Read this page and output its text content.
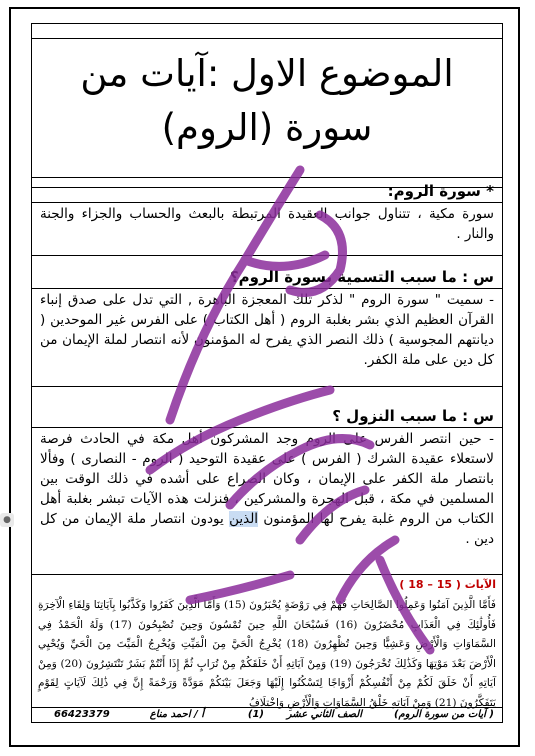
الموضوع الاول :آيات من سورة (الروم)
* سورة الروم:
سورة مكية ، تتناول جوانب العقيدة المرتبطة بالبعث والحساب والجزاء والجنة والنار .
س : ما سبب التسمية بسورة الروم؟
- سميت " سورة الروم " لذكر تلك المعجزة الباهرة , التي تدل على صدق إنباء القرآن العظيم الذي بشر بغلبة الروم ( أهل الكتاب ) على الفرس غير الموحدين ( ديانتهم المجوسية ) ذلك النصر الذي يفرح له المؤمنون لأنه انتصار لملة الإيمان من كل دين على ملة الكفر.
س : ما سبب النزول ؟
- حين انتصر الفرس على الروم وجد المشركون أهل مكة في الحادث فرصة لاستعلاء عقيدة الشرك ( الفرس ) على عقيدة التوحيد ( الروم - النصارى ) وفألا بانتصار ملة الكفر على الإيمان ، وكان الصراع على أشده في ذلك الوقت بين المسلمين في مكة ، قبل الهجرة والمشركين ، فنزلت هذه الآيات تبشر بغلبة أهل الكتاب من الروم غلبة يفرح لها المؤمنون الذين يودون انتصار ملة الإيمان من كل دين .
الآيات ( 15 – 18 )
فَأَمَّا الَّذِينَ آمَنُوا وَعَمِلُوا الصَّالِحَاتِ فَهُمْ فِي رَوْضَةٍ يُحْبَرُونَ (15) وَأَمَّا الَّذِينَ كَفَرُوا وَكَذَّبُوا بِآيَاتِنَا وَلِقَاءِ الْآخِرَةِ فَأُولَٰئِكَ فِي الْعَذَابِ مُحْضَرُونَ (16) فَسُبْحَانَ اللَّهِ حِينَ تُمْسُونَ وَحِينَ تُصْبِحُونَ (17) وَلَهُ الْحَمْدُ فِي السَّمَاوَاتِ وَالْأَرْضِ وَعَشِيًّا وَحِينَ تُظْهِرُونَ (18) يُخْرِجُ الْحَيَّ مِنَ الْمَيِّتِ وَيُخْرِجُ الْمَيِّتَ مِنَ الْحَيِّ وَيُحْيِي الْأَرْضَ بَعْدَ مَوْتِهَا وَكَذَٰلِكَ تُخْرَجُونَ (19) وَمِنْ آيَاتِهِ أَنْ خَلَقَكُمْ مِنْ تُرَابٍ ثُمَّ إِذَا أَنْتُمْ بَشَرٌ تَنْتَشِرُونَ (20) وَمِنْ آيَاتِهِ أَنْ خَلَقَ لَكُمْ مِنْ أَنْفُسِكُمْ أَزْوَاجًا لِتَسْكُنُوا إِلَيْهَا وَجَعَلَ بَيْنَكُمْ مَوَدَّةً وَرَحْمَةً إِنَّ فِي ذَٰلِكَ لَآيَاتٍ لِقَوْمٍ يَتَفَكَّرُونَ (21) وَمِنْ آيَاتِهِ خَلْقُ السَّمَاوَاتِ وَالْأَرْضِ وَاخْتِلَافُ
(آيات من سورة الروم )
الصف الثاني عشر
(1)
أ / احمد مناع
66423379
●
